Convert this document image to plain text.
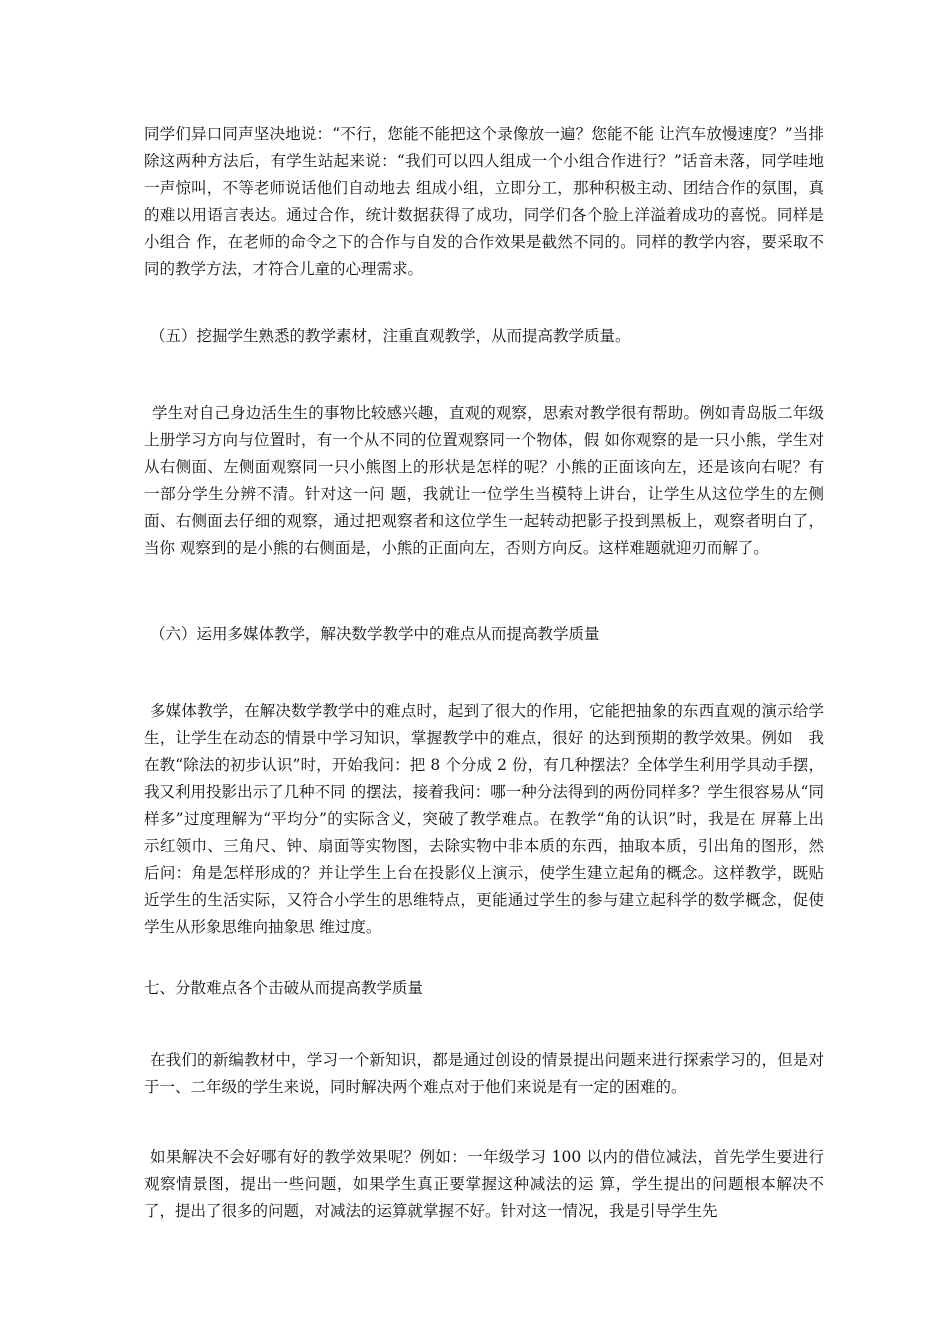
同学们异口同声坚决地说：“不行，您能不能把这个录像放一遍？您能不能 让汽车放慢速度？”当排除这两种方法后，有学生站起来说：“我们可以四人组成一个小组合作进行？”话音未落，同学哇地一声惊叫，不等老师说话他们自动地去 组成小组，立即分工，那种积极主动、团结合作的氛围，真的难以用语言表达。通过合作，统计数据获得了成功，同学们各个脸上洋溢着成功的喜悦。同样是小组合 作，在老师的命令之下的合作与自发的合作效果是截然不同的。同样的教学内容，要采取不同的教学方法，才符合儿童的心理需求。

（五）挖掘学生熟悉的教学素材，注重直观教学，从而提高教学质量。

学生对自己身边活生生的事物比较感兴趣，直观的观察，思索对教学很有帮助。例如青岛版二年级上册学习方向与位置时，有一个从不同的位置观察同一个物体，假 如你观察的是一只小熊，学生对从右侧面、左侧面观察同一只小熊图上的形状是怎样的呢？小熊的正面该向左，还是该向右呢？有一部分学生分辨不清。针对这一问 题，我就让一位学生当模特上讲台，让学生从这位学生的左侧面、右侧面去仔细的观察，通过把观察者和这位学生一起转动把影子投到黑板上，观察者明白了，当你 观察到的是小熊的右侧面是，小熊的正面向左，否则方向反。这样难题就迎刃而解了。

（六）运用多媒体教学，解决数学教学中的难点从而提高教学质量

多媒体教学，在解决数学教学中的难点时，起到了很大的作用，它能把抽象的东西直观的演示给学生，让学生在动态的情景中学习知识，掌握教学中的难点，很好 的达到预期的教学效果。例如　我在教“除法的初步认识”时，开始我问：把 8 个分成 2 份，有几种摆法？全体学生利用学具动手摆，我又利用投影出示了几种不同 的摆法，接着我问：哪一种分法得到的两份同样多？学生很容易从“同样多”过度理解为“平均分”的实际含义，突破了教学难点。在教学“角的认识”时，我是在 屏幕上出示红领巾、三角尺、钟、扇面等实物图，去除实物中非本质的东西，抽取本质，引出角的图形，然后问：角是怎样形成的？并让学生上台在投影仪上演示，使学生建立起角的概念。这样教学，既贴近学生的生活实际，又符合小学生的思维特点，更能通过学生的参与建立起科学的数学概念，促使学生从形象思维向抽象思 维过度。

七、分散难点各个击破从而提高教学质量

在我们的新编教材中，学习一个新知识，都是通过创设的情景提出问题来进行探索学习的，但是对于一、二年级的学生来说，同时解决两个难点对于他们来说是有一定的困难的。

如果解决不会好哪有好的教学效果呢？例如：一年级学习 100 以内的借位减法，首先学生要进行观察情景图，提出一些问题，如果学生真正要掌握这种减法的运 算，学生提出的问题根本解决不了，提出了很多的问题，对减法的运算就掌握不好。针对这一情况，我是引导学生先
